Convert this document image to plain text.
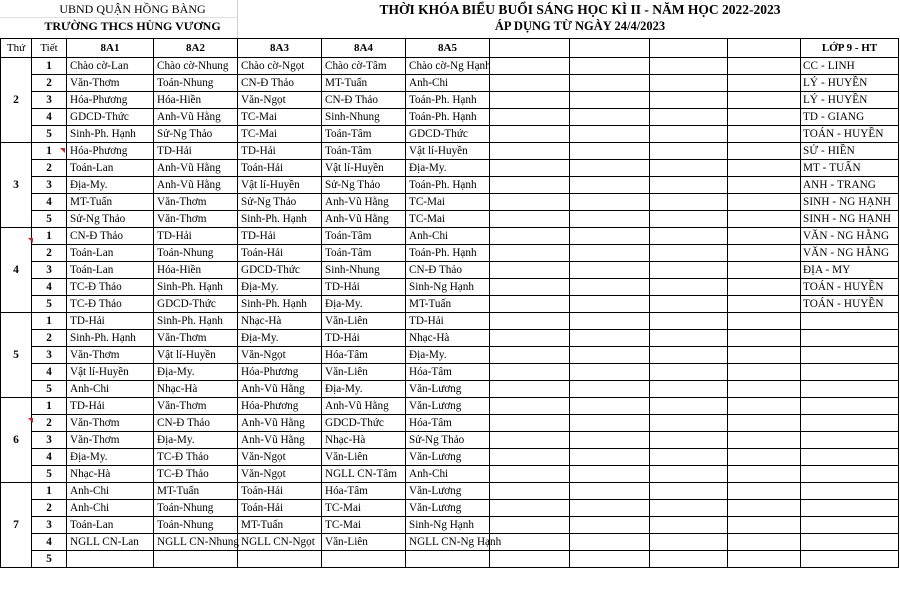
UBND QUẬN HỒNG BÀNG
TRƯỜNG THCS HÙNG VƯƠNG
THỜI KHÓA BIỂU BUỔI SÁNG HỌC KÌ II - NĂM HỌC 2022-2023
ÁP DỤNG TỪ NGÀY 24/4/2023
Thứ	Tiết	8A1	8A2	8A3	8A4	8A5					LỚP 9 - HT
2	1	Chào cờ-Lan	Chào cờ-Nhung	Chào cờ-Ngọt	Chào cờ-Tâm	Chào cờ-Ng Hạnh					CC - LINH
	2	Văn-Thơm	Toán-Nhung	CN-Đ Thảo	MT-Tuấn	Anh-Chi					LÝ - HUYỀN
	3	Hóa-Phương	Hóa-Hiền	Văn-Ngọt	CN-Đ Thảo	Toán-Ph. Hạnh					LÝ - HUYỀN
	4	GDCD-Thức	Anh-Vũ Hằng	TC-Mai	Sinh-Nhung	Toán-Ph. Hạnh					TD - GIANG
	5	Sinh-Ph. Hạnh	Sử-Ng Thảo	TC-Mai	Toán-Tâm	GDCD-Thức					TOÁN - HUYỀN
3	1	Hóa-Phương	TD-Hải	TD-Hải	Toán-Tâm	Vật lí-Huyền					SỬ - HIỀN
	2	Toán-Lan	Anh-Vũ Hằng	Toán-Hải	Vật lí-Huyền	Địa-My.					MT - TUẤN
	3	Địa-My.	Anh-Vũ Hằng	Vật lí-Huyền	Sử-Ng Thảo	Toán-Ph. Hạnh					ANH - TRANG
	4	MT-Tuấn	Văn-Thơm	Sử-Ng Thảo	Anh-Vũ Hằng	TC-Mai					SINH - NG HẠNH
	5	Sử-Ng Thảo	Văn-Thơm	Sinh-Ph. Hạnh	Anh-Vũ Hằng	TC-Mai					SINH - NG HẠNH
4	1	CN-Đ Thảo	TD-Hải	TD-Hải	Toán-Tâm	Anh-Chi					VĂN - NG HẰNG
	2	Toán-Lan	Toán-Nhung	Toán-Hải	Toán-Tâm	Toán-Ph. Hạnh					VĂN - NG HẰNG
	3	Toán-Lan	Hóa-Hiền	GDCD-Thức	Sinh-Nhung	CN-Đ Thảo					ĐỊA - MY
	4	TC-Đ Thảo	Sinh-Ph. Hạnh	Địa-My.	TD-Hải	Sinh-Ng Hạnh					TOÁN - HUYỀN
	5	TC-Đ Thảo	GDCD-Thức	Sinh-Ph. Hạnh	Địa-My.	MT-Tuấn					TOÁN - HUYỀN
5	1	TD-Hải	Sinh-Ph. Hạnh	Nhạc-Hà	Văn-Liên	TD-Hải					
	2	Sinh-Ph. Hạnh	Văn-Thơm	Địa-My.	TD-Hải	Nhạc-Hà					
	3	Văn-Thơm	Vật lí-Huyền	Văn-Ngọt	Hóa-Tâm	Địa-My.					
	4	Vật lí-Huyền	Địa-My.	Hóa-Phương	Văn-Liên	Hóa-Tâm					
	5	Anh-Chi	Nhạc-Hà	Anh-Vũ Hằng	Địa-My.	Văn-Lương					
6	1	TD-Hải	Văn-Thơm	Hóa-Phương	Anh-Vũ Hằng	Văn-Lương					
	2	Văn-Thơm	CN-Đ Thảo	Anh-Vũ Hằng	GDCD-Thức	Hóa-Tâm					
	3	Văn-Thơm	Địa-My.	Anh-Vũ Hằng	Nhạc-Hà	Sử-Ng Thảo					
	4	Địa-My.	TC-Đ Thảo	Văn-Ngọt	Văn-Liên	Văn-Lương					
	5	Nhạc-Hà	TC-Đ Thảo	Văn-Ngọt	NGLL CN-Tâm	Anh-Chi					
7	1	Anh-Chi	MT-Tuấn	Toán-Hải	Hóa-Tâm	Văn-Lương					
	2	Anh-Chi	Toán-Nhung	Toán-Hải	TC-Mai	Văn-Lương					
	3	Toán-Lan	Toán-Nhung	MT-Tuấn	TC-Mai	Sinh-Ng Hạnh					
	4	NGLL CN-Lan	NGLL CN-Nhung	NGLL CN-Ngọt	Văn-Liên	NGLL CN-Ng Hạnh					
	5										
